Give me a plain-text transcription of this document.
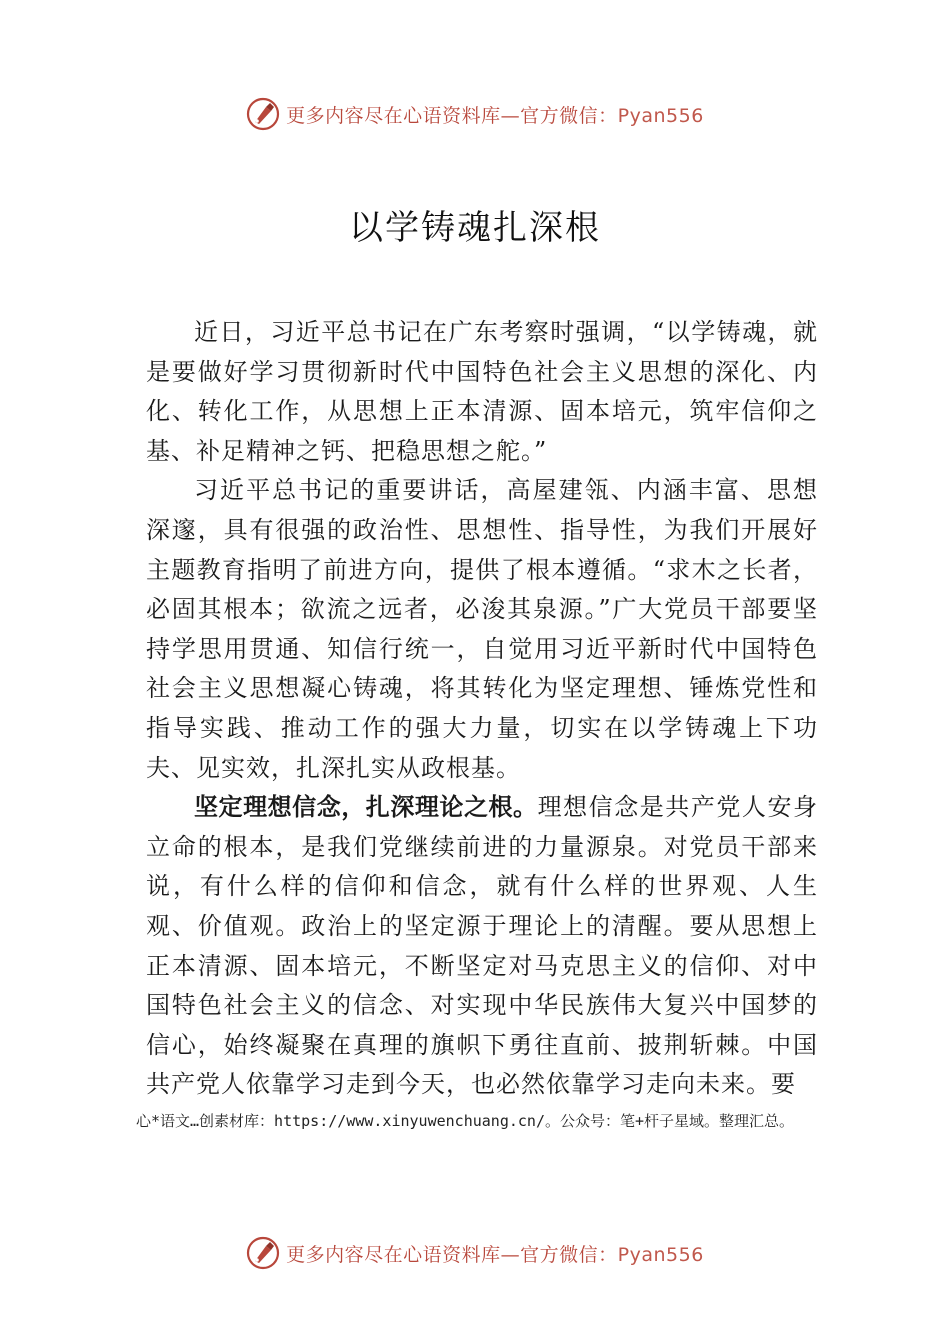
更多内容尽在心语资料库—官方微信：Pyan556
以学铸魂扎深根

近日，习近平总书记在广东考察时强调，“以学铸魂，就是要做好学习贯彻新时代中国特色社会主义思想的深化、内化、转化工作，从思想上正本清源、固本培元，筑牢信仰之基、补足精神之钙、把稳思想之舵。”

习近平总书记的重要讲话，高屋建瓴、内涵丰富、思想深邃，具有很强的政治性、思想性、指导性，为我们开展好主题教育指明了前进方向，提供了根本遵循。“求木之长者，必固其根本；欲流之远者，必浚其泉源。”广大党员干部要坚持学思用贯通、知信行统一，自觉用习近平新时代中国特色社会主义思想凝心铸魂，将其转化为坚定理想、锤炼党性和指导实践、推动工作的强大力量，切实在以学铸魂上下功夫、见实效，扎深扎实从政根基。

坚定理想信念，扎深理论之根。理想信念是共产党人安身立命的根本，是我们党继续前进的力量源泉。对党员干部来说，有什么样的信仰和信念，就有什么样的世界观、人生观、价值观。政治上的坚定源于理论上的清醒。要从思想上正本清源、固本培元，不断坚定对马克思主义的信仰、对中国特色社会主义的信念、对实现中华民族伟大复兴中国梦的信心，始终凝聚在真理的旗帜下勇往直前、披荆斩棘。中国共产党人依靠学习走到今天，也必然依靠学习走向未来。要

心*语文…创素材库：https://www.xinyuwenchuang.cn/。公众号：笔+杆子星域。整理汇总。
更多内容尽在心语资料库—官方微信：Pyan556
